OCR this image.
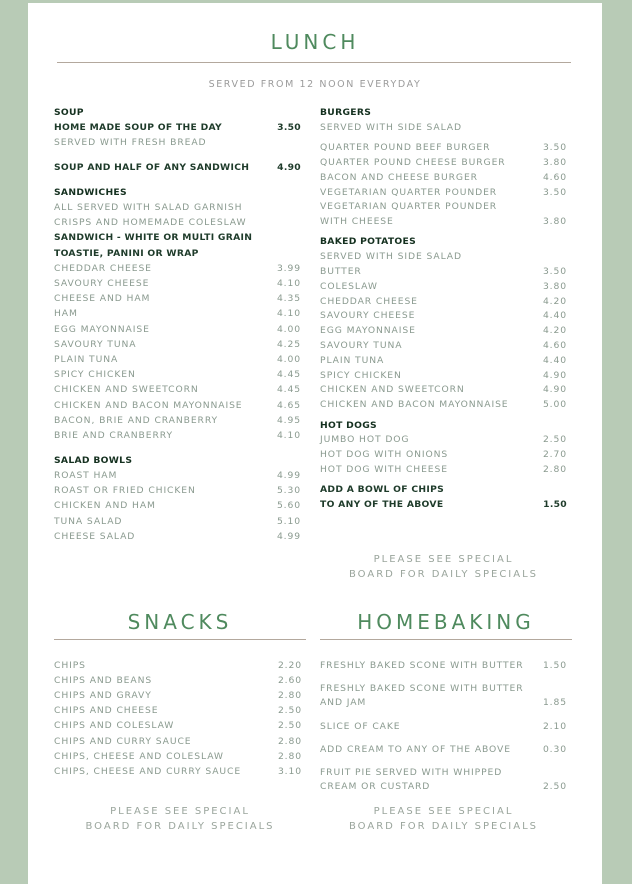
LUNCH
SERVED FROM 12 NOON EVERYDAY
SOUP
HOME MADE SOUP OF THE DAY	3.50
SERVED WITH FRESH BREAD
SOUP AND HALF OF ANY SANDWICH	4.90
SANDWICHES
ALL SERVED WITH SALAD GARNISH
CRISPS AND HOMEMADE COLESLAW
SANDWICH - WHITE OR MULTI GRAIN
TOASTIE, PANINI OR WRAP
CHEDDAR CHEESE	3.99
SAVOURY CHEESE	4.10
CHEESE AND HAM	4.35
HAM	4.10
EGG MAYONNAISE	4.00
SAVOURY TUNA	4.25
PLAIN TUNA	4.00
SPICY CHICKEN	4.45
CHICKEN AND SWEETCORN	4.45
CHICKEN AND BACON MAYONNAISE	4.65
BACON, BRIE AND CRANBERRY	4.95
BRIE AND CRANBERRY	4.10
SALAD BOWLS
ROAST HAM	4.99
ROAST OR FRIED CHICKEN	5.30
CHICKEN AND HAM	5.60
TUNA SALAD	5.10
CHEESE SALAD	4.99
BURGERS
SERVED WITH SIDE SALAD
QUARTER POUND BEEF BURGER	3.50
QUARTER POUND CHEESE BURGER	3.80
BACON AND CHEESE BURGER	4.60
VEGETARIAN QUARTER POUNDER	3.50
VEGETARIAN QUARTER POUNDER
WITH CHEESE	3.80
BAKED POTATOES
SERVED WITH SIDE SALAD
BUTTER	3.50
COLESLAW	3.80
CHEDDAR CHEESE	4.20
SAVOURY CHEESE	4.40
EGG MAYONNAISE	4.20
SAVOURY TUNA	4.60
PLAIN TUNA	4.40
SPICY CHICKEN	4.90
CHICKEN AND SWEETCORN	4.90
CHICKEN AND BACON MAYONNAISE	5.00
HOT DOGS
JUMBO HOT DOG	2.50
HOT DOG WITH ONIONS	2.70
HOT DOG WITH CHEESE	2.80
ADD A BOWL OF CHIPS
TO ANY OF THE ABOVE	1.50
PLEASE SEE SPECIAL
BOARD FOR DAILY SPECIALS
SNACKS	HOMEBAKING
CHIPS	2.20
CHIPS AND BEANS	2.60
CHIPS AND GRAVY	2.80
CHIPS AND CHEESE	2.50
CHIPS AND COLESLAW	2.50
CHIPS AND CURRY SAUCE	2.80
CHIPS, CHEESE AND COLESLAW	2.80
CHIPS, CHEESE AND CURRY SAUCE	3.10
FRESHLY BAKED SCONE WITH BUTTER 1.50
FRESHLY BAKED SCONE WITH BUTTER
AND JAM	1.85
SLICE OF CAKE	2.10
ADD CREAM TO ANY OF THE ABOVE	0.30
FRUIT PIE SERVED WITH WHIPPED
CREAM OR CUSTARD	2.50
PLEASE SEE SPECIAL
BOARD FOR DAILY SPECIALS
PLEASE SEE SPECIAL
BOARD FOR DAILY SPECIALS
